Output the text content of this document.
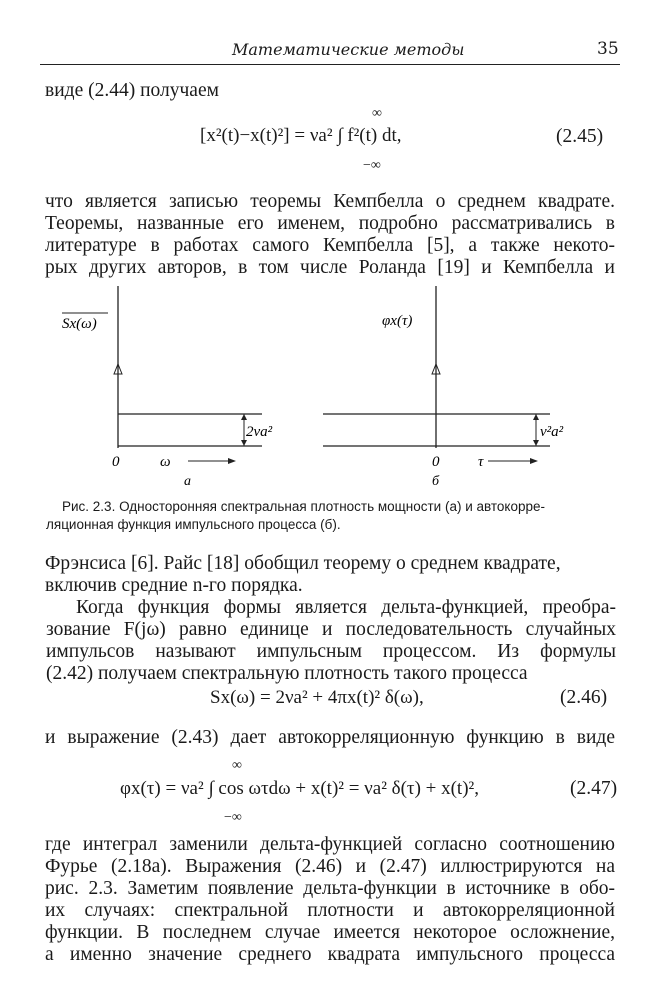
Математические методы	35
виде (2.44) получаем
[x²(t)−x(t)²] = νa² ∫ f²(t) dt,
∞
−∞
(2.45)
что является записью теоремы Кемпбелла о среднем квадрате.
Теоремы, названные его именем, подробно рассматривались в
литературе в работах самого Кемпбелла [5], а также некото-
рых других авторов, в том числе Роланда [19] и Кемпбелла и
Sx(ω)
2νa²
0	ω
а
φx(τ)
ν²a²
0	τ
б
Рис. 2.3. Односторонняя спектральная плотность мощности (а) и автокорре-
ляционная функция импульсного процесса (б).
Фрэнсиса [6]. Райс [18] обобщил теорему о среднем квадрате,
включив средние n-го порядка.
Когда функция формы является дельта-функцией, преобра-
зование F(jω) равно единице и последовательность случайных
импульсов называют импульсным процессом. Из формулы
(2.42) получаем спектральную плотность такого процесса
Sx(ω) = 2νa² + 4πx(t)² δ(ω),	(2.46)
и выражение (2.43) дает автокорреляционную функцию в виде
φx(τ) = νa² ∫ cos ωτdω + x(t)² = νa² δ(τ) + x(t)²,
∞
−∞
(2.47)
где интеграл заменили дельта-функцией согласно соотношению
Фурье (2.18а). Выражения (2.46) и (2.47) иллюстрируются на
рис. 2.3. Заметим появление дельта-функции в источнике в обо-
их случаях: спектральной плотности и автокорреляционной
функции. В последнем случае имеется некоторое осложнение,
а именно значение среднего квадрата импульсного процесса
